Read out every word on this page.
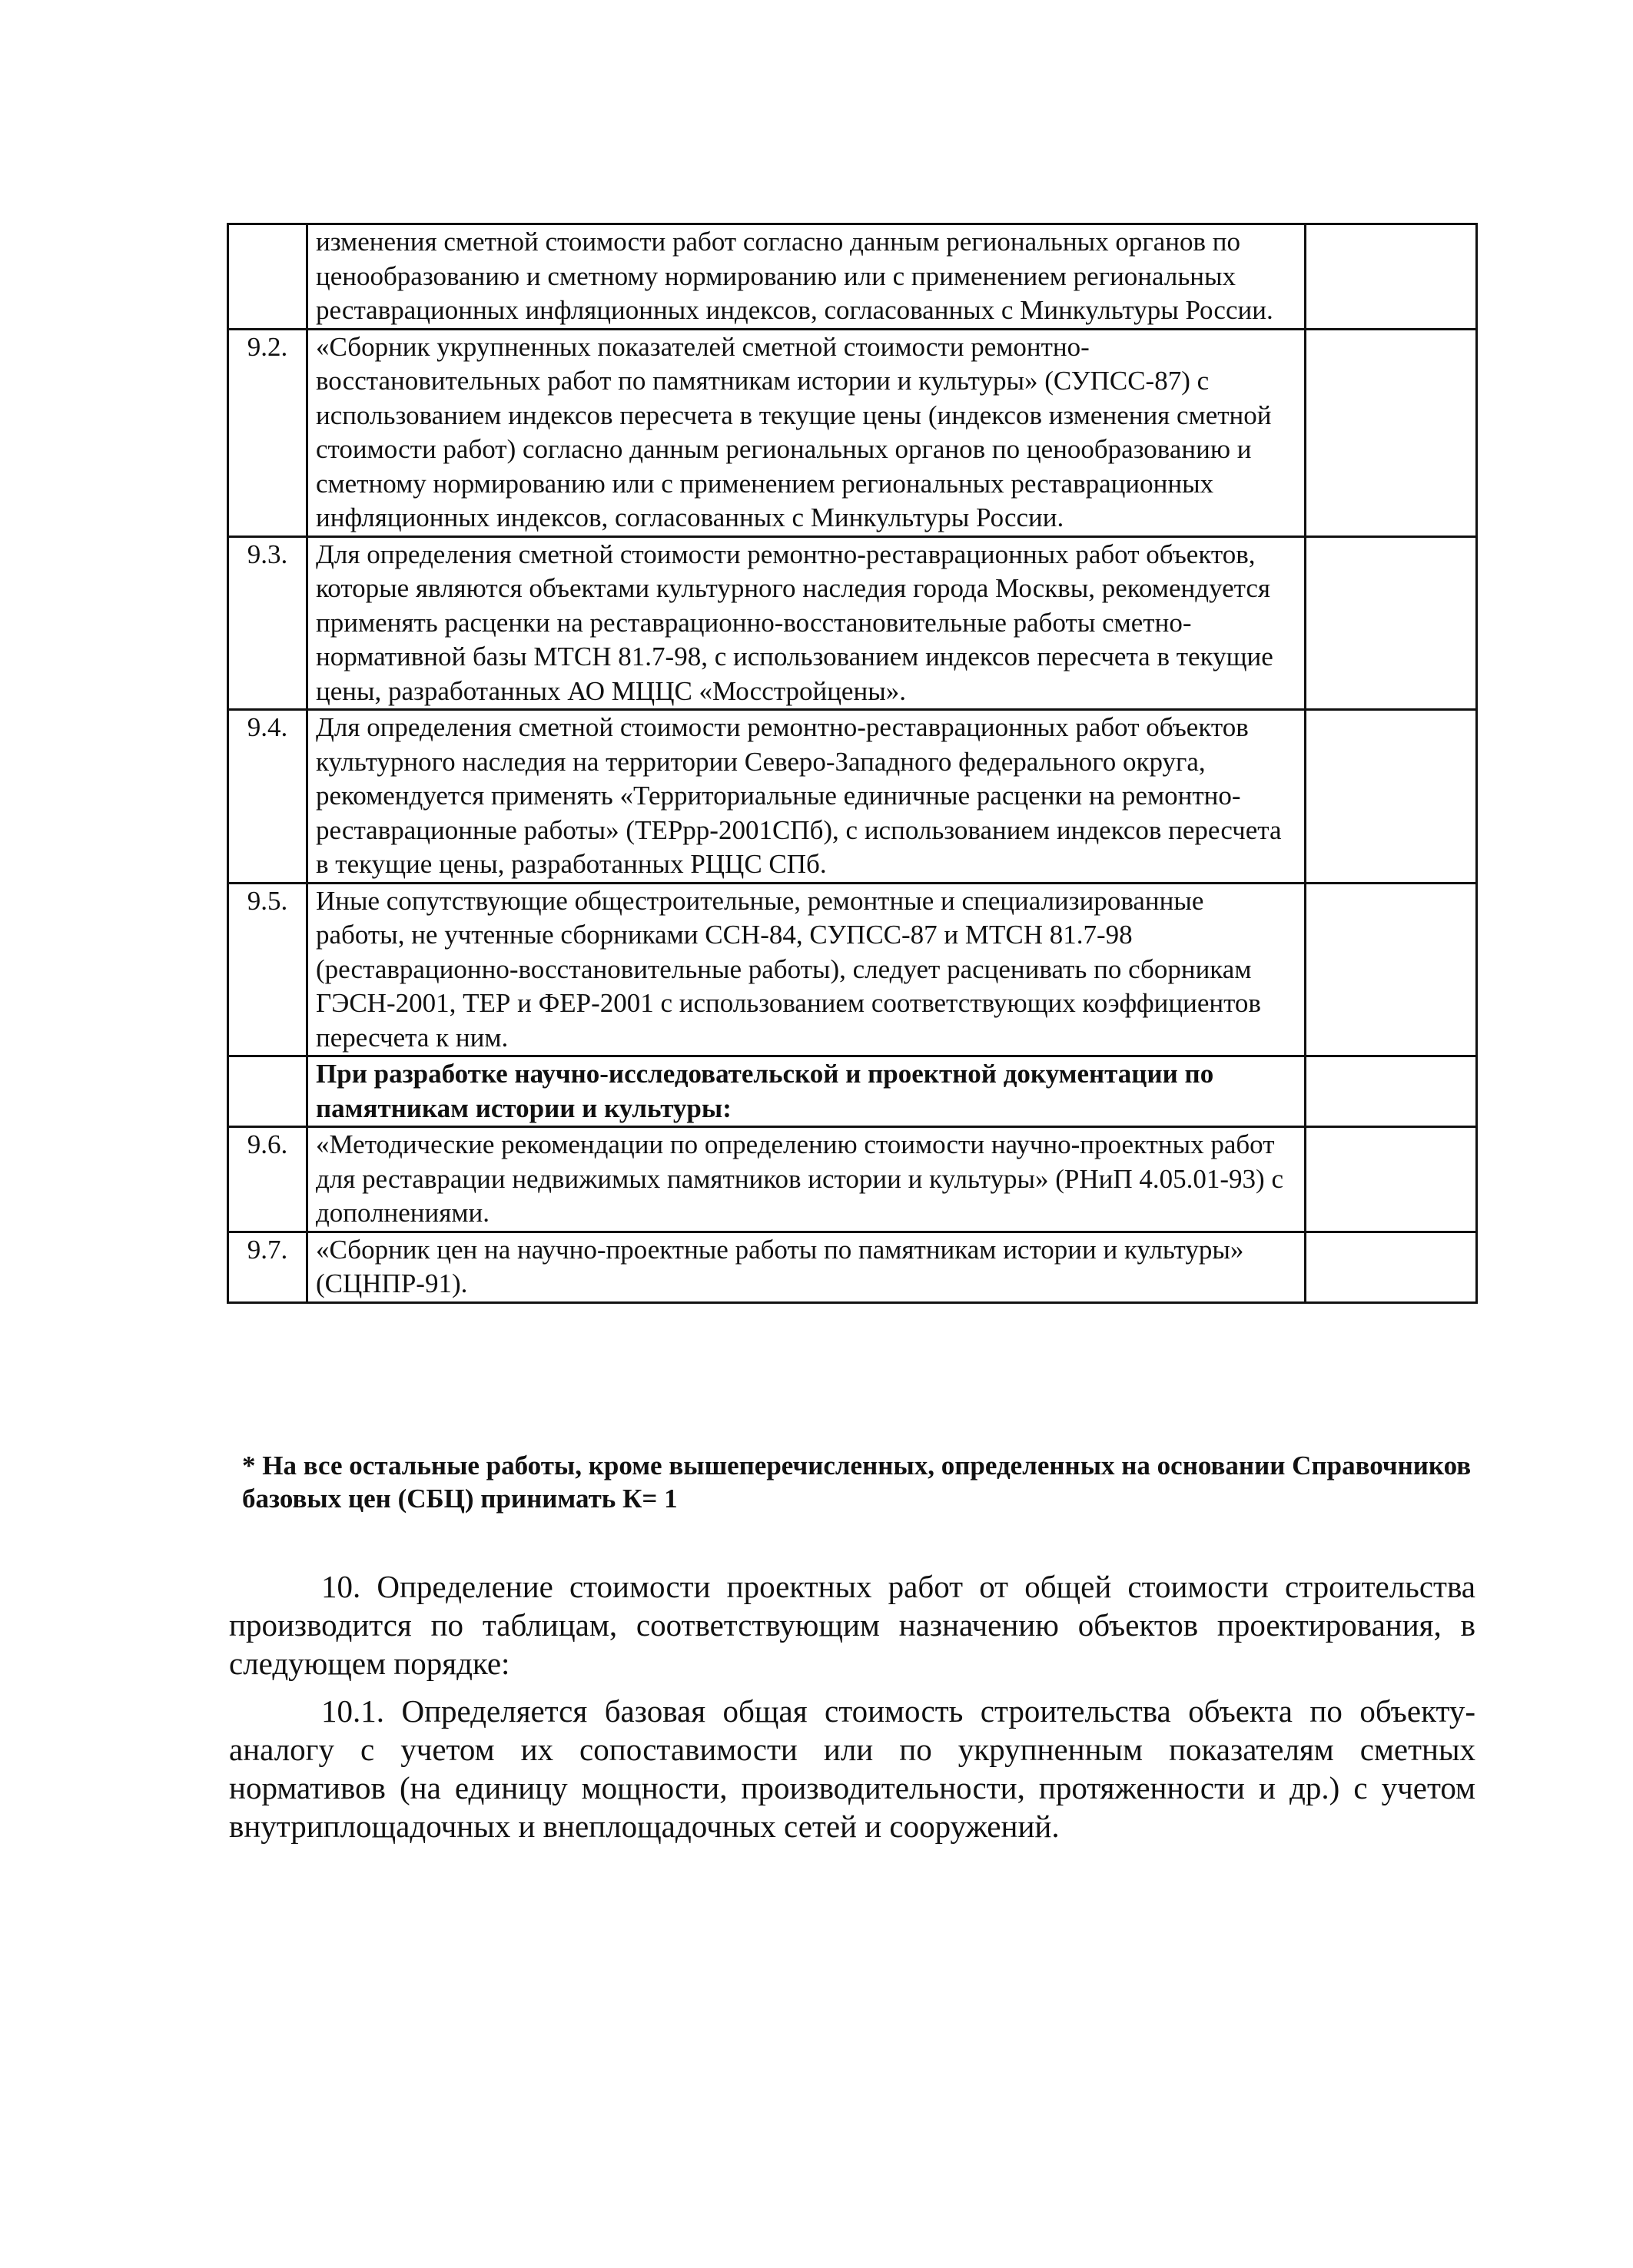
	изменения сметной стоимости работ согласно данным региональных органов по ценообразованию и сметному нормированию или с применением региональных реставрационных инфляционных индексов, согласованных с Минкультуры России.	
9.2.	«Сборник укрупненных показателей сметной стоимости ремонтно-восстановительных работ по памятникам истории и культуры» (СУПСС-87) с использованием индексов пересчета в текущие цены (индексов изменения сметной стоимости работ) согласно данным региональных органов по ценообразованию и сметному нормированию или с применением региональных реставрационных инфляционных индексов, согласованных с Минкультуры России.	
9.3.	Для определения сметной стоимости ремонтно-реставрационных работ объектов, которые являются объектами культурного наследия города Москвы, рекомендуется применять расценки на реставрационно-восстановительные работы сметно-нормативной базы МТСН 81.7-98, с использованием индексов пересчета в текущие цены, разработанных АО МЦЦС «Мосстройцены».	
9.4.	Для определения сметной стоимости ремонтно-реставрационных работ объектов культурного наследия на территории Северо-Западного федерального округа, рекомендуется применять «Территориальные единичные расценки на ремонтно-реставрационные работы» (ТЕРрр-2001СПб), с использованием индексов пересчета в текущие цены, разработанных РЦЦС СПб.	
9.5.	Иные сопутствующие общестроительные, ремонтные и специализированные работы, не учтенные сборниками ССН-84, СУПСС-87 и МТСН 81.7-98 (реставрационно-восстановительные работы), следует расценивать по сборникам ГЭСН-2001, ТЕР и ФЕР-2001 с использованием соответствующих коэффициентов пересчета к ним.	
	При разработке научно-исследовательской и проектной документации по памятникам истории и культуры:	
9.6.	«Методические рекомендации по определению стоимости научно-проектных работ для реставрации недвижимых памятников истории и культуры» (РНиП 4.05.01-93) с дополнениями.	
9.7.	«Сборник цен на научно-проектные работы по памятникам истории и культуры» (СЦНПР-91).	

* На все остальные работы, кроме вышеперечисленных, определенных на основании Справочников базовых цен (СБЦ) принимать К= 1

10. Определение стоимости проектных работ от общей стоимости строительства производится по таблицам, соответствующим назначению объектов проектирования, в следующем порядке:

10.1. Определяется базовая общая стоимость строительства объекта по объекту-аналогу с учетом их сопоставимости или по укрупненным показателям сметных нормативов (на единицу мощности, производительности, протяженности и др.) с учетом внутриплощадочных и внеплощадочных сетей и сооружений.
